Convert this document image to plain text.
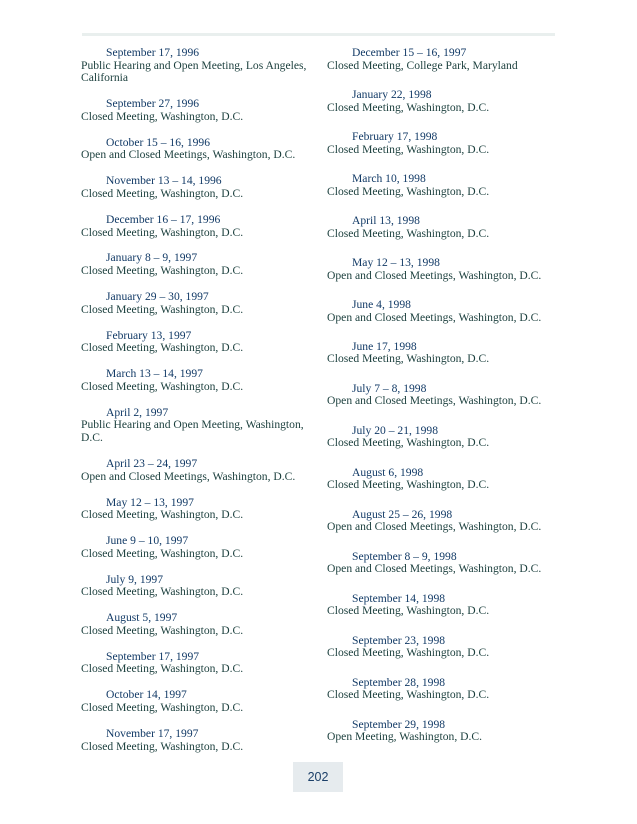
September 17, 1996
Public Hearing and Open Meeting, Los Angeles, California
September 27, 1996
Closed Meeting, Washington, D.C.
October 15 – 16, 1996
Open and Closed Meetings, Washington, D.C.
November 13 – 14, 1996
Closed Meeting, Washington, D.C.
December 16 – 17, 1996
Closed Meeting, Washington, D.C.
January 8 – 9, 1997
Closed Meeting, Washington, D.C.
January 29 – 30, 1997
Closed Meeting, Washington, D.C.
February 13, 1997
Closed Meeting, Washington, D.C.
March 13 – 14, 1997
Closed Meeting, Washington, D.C.
April 2, 1997
Public Hearing and Open Meeting, Washington, D.C.
April 23 – 24, 1997
Open and Closed Meetings, Washington, D.C.
May 12 – 13, 1997
Closed Meeting, Washington, D.C.
June 9 – 10, 1997
Closed Meeting, Washington, D.C.
July 9, 1997
Closed Meeting, Washington, D.C.
August 5, 1997
Closed Meeting, Washington, D.C.
September 17, 1997
Closed Meeting, Washington, D.C.
October 14, 1997
Closed Meeting, Washington, D.C.
November 17, 1997
Closed Meeting, Washington, D.C.
December 15 – 16, 1997
Closed Meeting, College Park, Maryland
January 22, 1998
Closed Meeting, Washington, D.C.
February 17, 1998
Closed Meeting, Washington, D.C.
March 10, 1998
Closed Meeting, Washington, D.C.
April 13, 1998
Closed Meeting, Washington, D.C.
May 12 – 13, 1998
Open and Closed Meetings, Washington, D.C.
June 4, 1998
Open and Closed Meetings, Washington, D.C.
June 17, 1998
Closed Meeting, Washington, D.C.
July 7 – 8, 1998
Open and Closed Meetings, Washington, D.C.
July 20 – 21, 1998
Closed Meeting, Washington, D.C.
August 6, 1998
Closed Meeting, Washington, D.C.
August 25 – 26, 1998
Open and Closed Meetings, Washington, D.C.
September 8 – 9, 1998
Open and Closed Meetings, Washington, D.C.
September 14, 1998
Closed Meeting, Washington, D.C.
September 23, 1998
Closed Meeting, Washington, D.C.
September 28, 1998
Closed Meeting, Washington, D.C.
September 29, 1998
Open Meeting, Washington, D.C.
202
